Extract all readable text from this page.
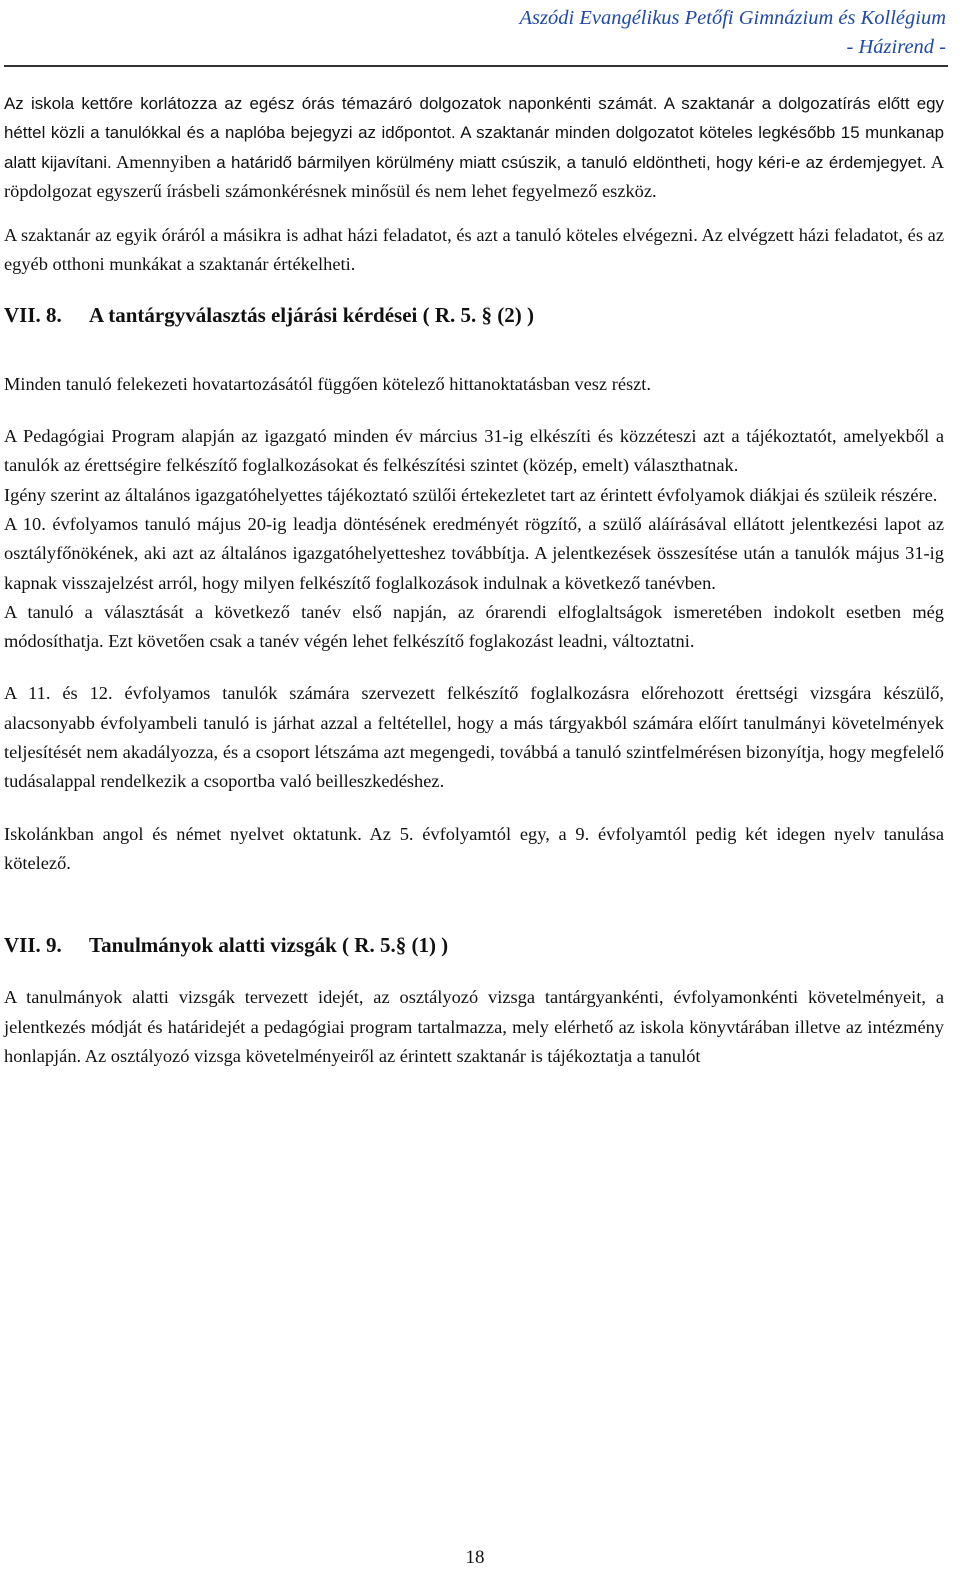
Aszódi Evangélikus Petőfi Gimnázium és Kollégium
- Házirend -

Az iskola kettőre korlátozza az egész órás témazáró dolgozatok naponkénti számát. A szaktanár a dolgozatírás előtt egy héttel közli a tanulókkal és a naplóba bejegyzi az időpontot. A szaktanár minden dolgozatot köteles legkésőbb 15 munkanap alatt kijavítani. Amennyiben a határidő bármilyen körülmény miatt csúszik, a tanuló eldöntheti, hogy kéri-e az érdemjegyet. A röpdolgozat egyszerű írásbeli számonkérésnek minősül és nem lehet fegyelmező eszköz.

A szaktanár az egyik óráról a másikra is adhat házi feladatot, és azt a tanuló köteles elvégezni. Az elvégzett házi feladatot, és az egyéb otthoni munkákat a szaktanár értékelheti.

VII. 8. A tantárgyválasztás eljárási kérdései ( R. 5. § (2) )

Minden tanuló felekezeti hovatartozásától függően kötelező hittanoktatásban vesz részt.

A Pedagógiai Program alapján az igazgató minden év március 31-ig elkészíti és közzéteszi azt a tájékoztatót, amelyekből a tanulók az érettségire felkészítő foglalkozásokat és felkészítési szintet (közép, emelt) választhatnak.

Igény szerint az általános igazgatóhelyettes tájékoztató szülői értekezletet tart az érintett évfolyamok diákjai és szüleik részére.

A 10. évfolyamos tanuló május 20-ig leadja döntésének eredményét rögzítő, a szülő aláírásával ellátott jelentkezési lapot az osztályfőnökének, aki azt az általános igazgatóhelyetteshez továbbítja. A jelentkezések összesítése után a tanulók május 31-ig kapnak visszajelzést arról, hogy milyen felkészítő foglalkozások indulnak a következő tanévben.

A tanuló a választását a következő tanév első napján, az órarendi elfoglaltságok ismeretében indokolt esetben még módosíthatja. Ezt követően csak a tanév végén lehet felkészítő foglakozást leadni, változtatni.

A 11. és 12. évfolyamos tanulók számára szervezett felkészítő foglalkozásra előrehozott érettségi vizsgára készülő, alacsonyabb évfolyambeli tanuló is járhat azzal a feltétellel, hogy a más tárgyakból számára előírt tanulmányi követelmények teljesítését nem akadályozza, és a csoport létszáma azt megengedi, továbbá a tanuló szintfelmérésen bizonyítja, hogy megfelelő tudásalappal rendelkezik a csoportba való beilleszkedéshez.

Iskolánkban angol és német nyelvet oktatunk. Az 5. évfolyamtól egy, a 9. évfolyamtól pedig két idegen nyelv tanulása kötelező.

VII. 9. Tanulmányok alatti vizsgák ( R. 5.§ (1) )

A tanulmányok alatti vizsgák tervezett idejét, az osztályozó vizsga tantárgyankénti, évfolyamonkénti követelményeit, a jelentkezés módját és határidejét a pedagógiai program tartalmazza, mely elérhető az iskola könyvtárában illetve az intézmény honlapján. Az osztályozó vizsga követelményeiről az érintett szaktanár is tájékoztatja a tanulót

18
